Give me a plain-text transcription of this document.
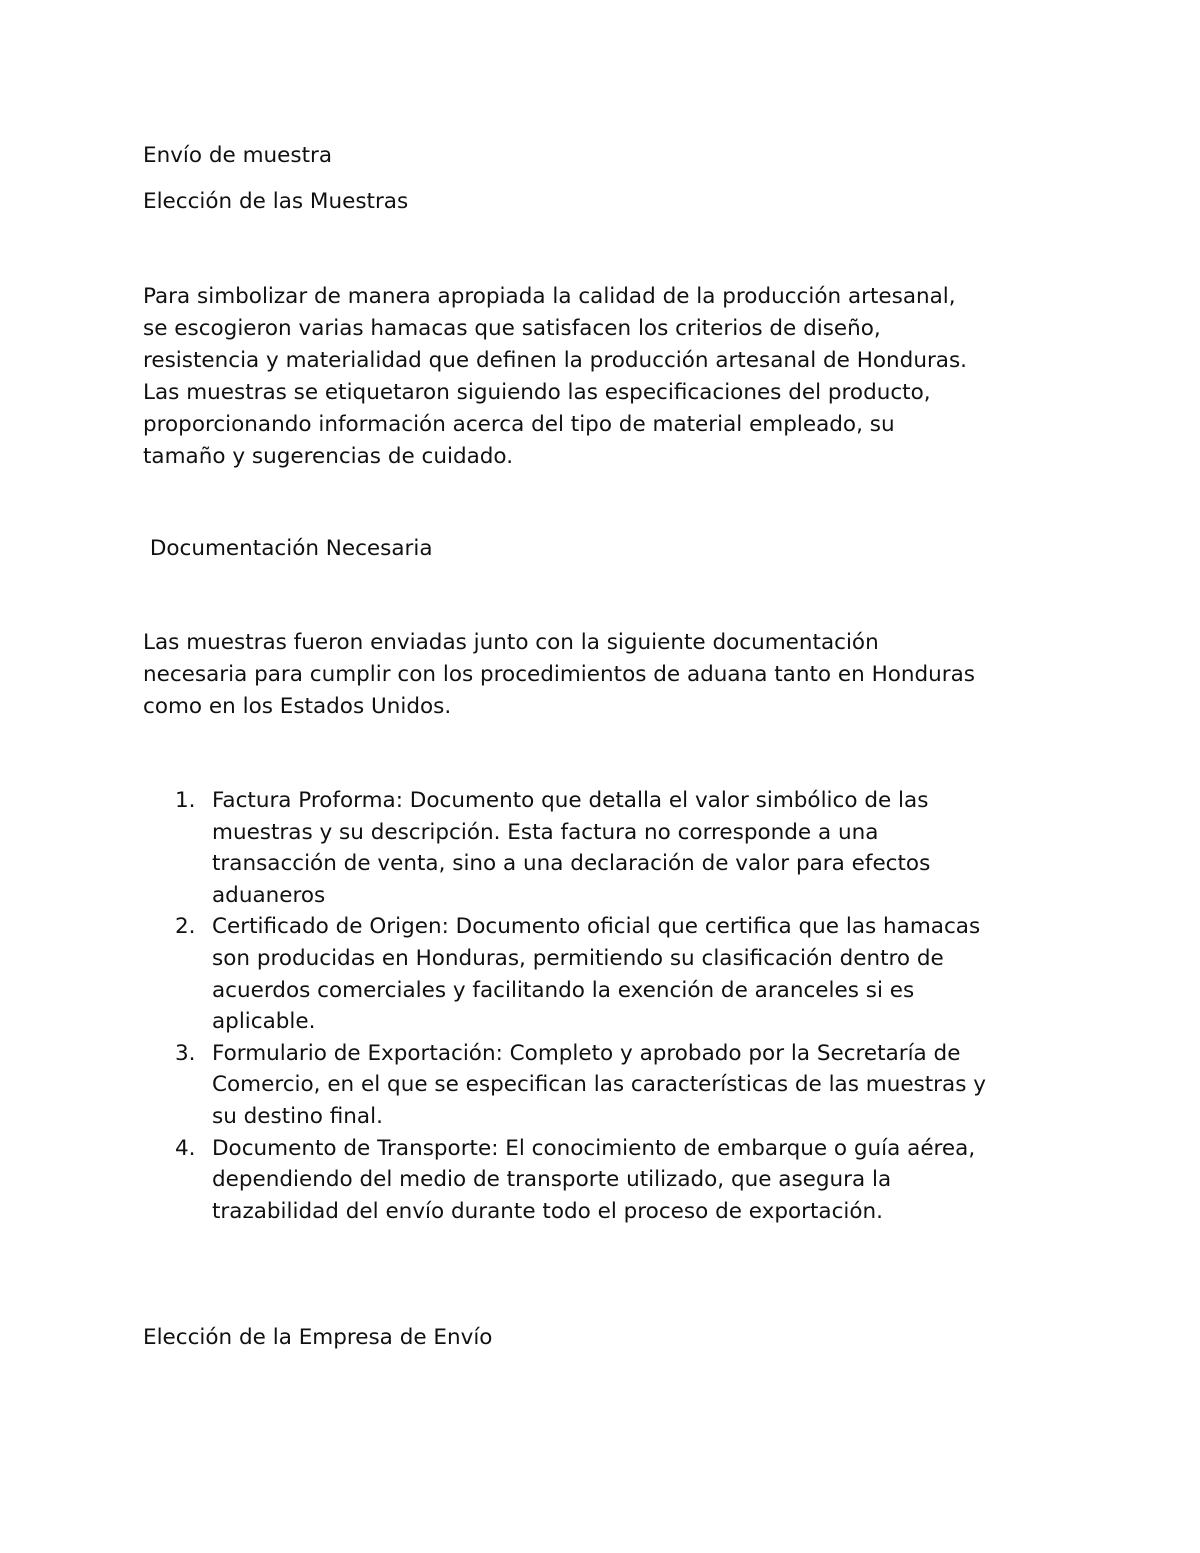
Envío de muestra

Elección de las Muestras

Para simbolizar de manera apropiada la calidad de la producción artesanal,
se escogieron varias hamacas que satisfacen los criterios de diseño,
resistencia y materialidad que definen la producción artesanal de Honduras.
Las muestras se etiquetaron siguiendo las especificaciones del producto,
proporcionando información acerca del tipo de material empleado, su
tamaño y sugerencias de cuidado.

Documentación Necesaria

Las muestras fueron enviadas junto con la siguiente documentación
necesaria para cumplir con los procedimientos de aduana tanto en Honduras
como en los Estados Unidos.
1. Factura Proforma: Documento que detalla el valor simbólico de las
muestras y su descripción. Esta factura no corresponde a una
transacción de venta, sino a una declaración de valor para efectos
aduaneros
2. Certificado de Origen: Documento oficial que certifica que las hamacas
son producidas en Honduras, permitiendo su clasificación dentro de
acuerdos comerciales y facilitando la exención de aranceles si es
aplicable.
3. Formulario de Exportación: Completo y aprobado por la Secretaría de
Comercio, en el que se especifican las características de las muestras y
su destino final.
4. Documento de Transporte: El conocimiento de embarque o guía aérea,
dependiendo del medio de transporte utilizado, que asegura la
trazabilidad del envío durante todo el proceso de exportación.

Elección de la Empresa de Envío
